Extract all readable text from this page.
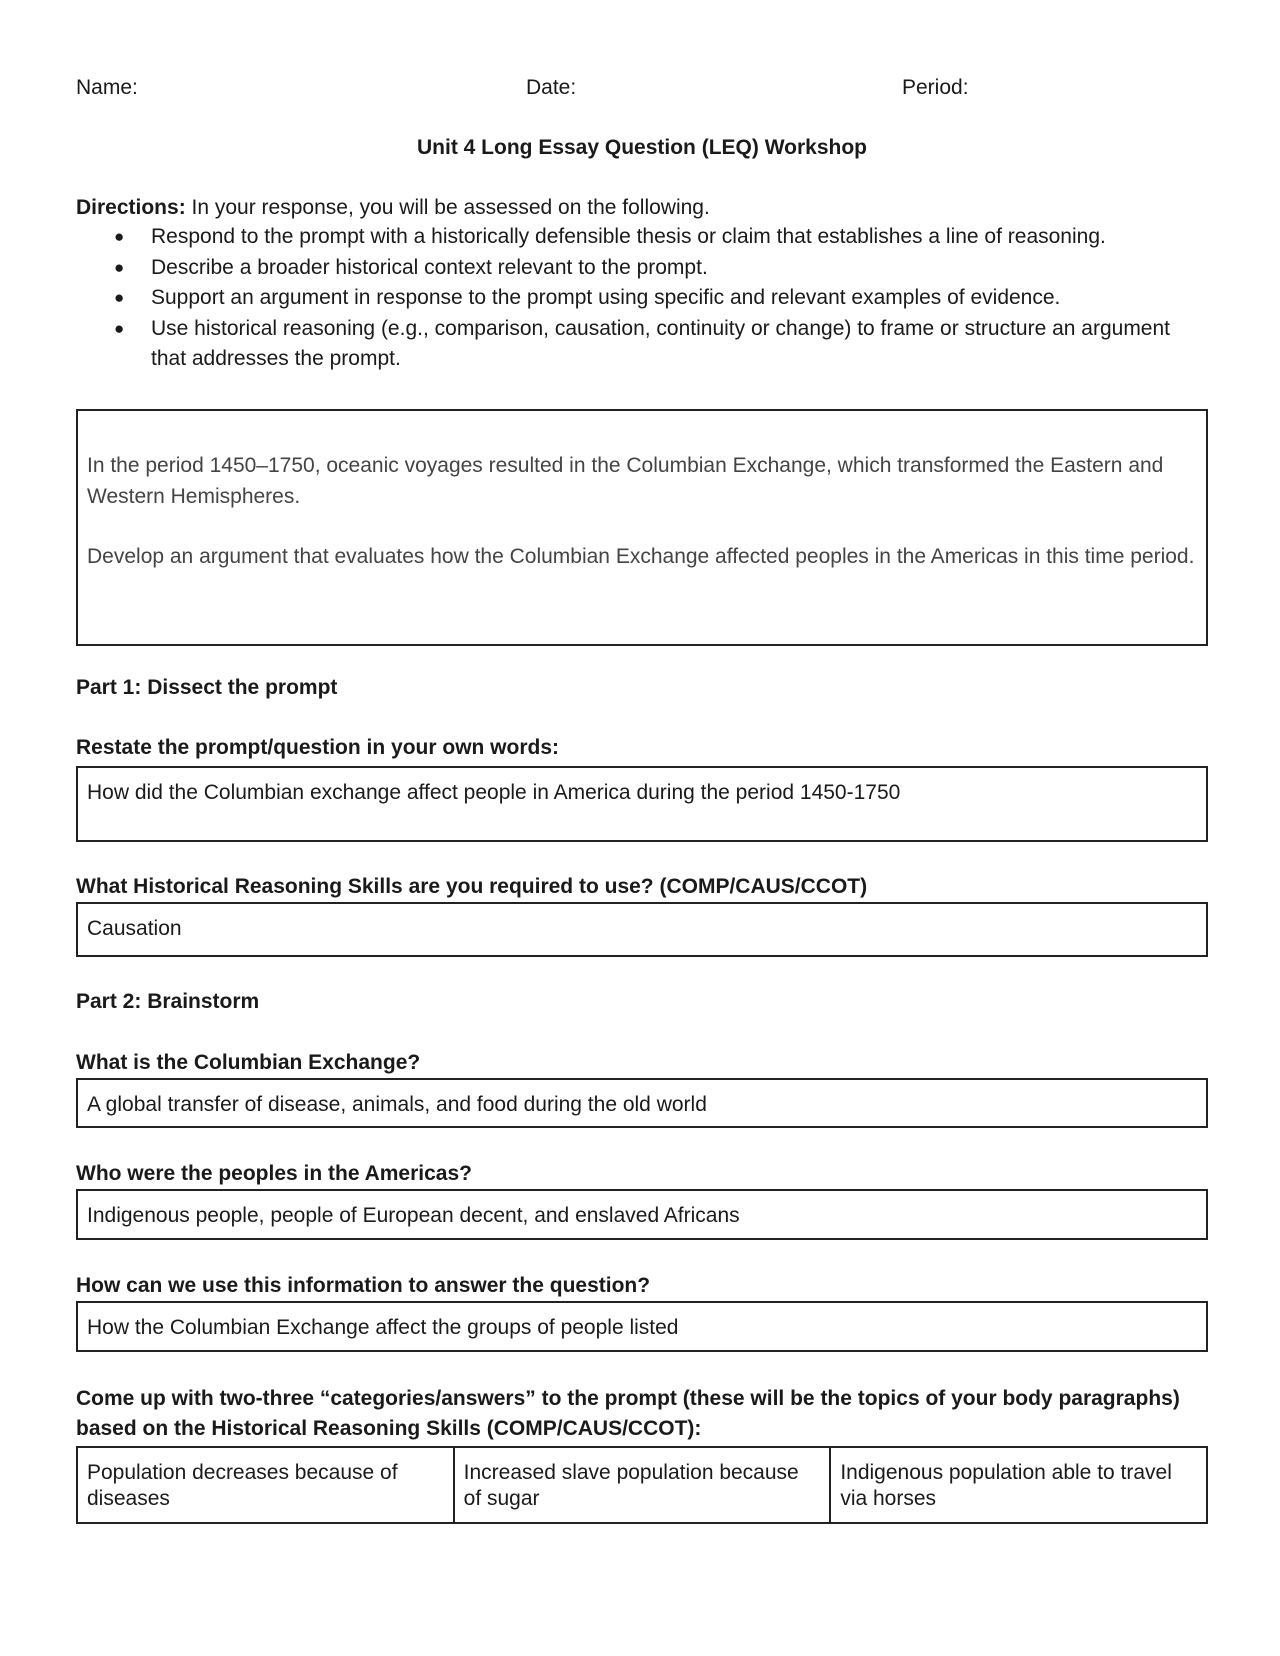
Name:	Date:	Period:
Unit 4 Long Essay Question (LEQ) Workshop
Directions: In your response, you will be assessed on the following.
● Respond to the prompt with a historically defensible thesis or claim that establishes a line of reasoning.
● Describe a broader historical context relevant to the prompt.
● Support an argument in response to the prompt using specific and relevant examples of evidence.
● Use historical reasoning (e.g., comparison, causation, continuity or change) to frame or structure an argument that addresses the prompt.

In the period 1450–1750, oceanic voyages resulted in the Columbian Exchange, which transformed the Eastern and Western Hemispheres.

Develop an argument that evaluates how the Columbian Exchange affected peoples in the Americas in this time period.

Part 1: Dissect the prompt
Restate the prompt/question in your own words:
How did the Columbian exchange affect people in America during the period 1450-1750
What Historical Reasoning Skills are you required to use? (COMP/CAUS/CCOT)
Causation
Part 2: Brainstorm
What is the Columbian Exchange?
A global transfer of disease, animals, and food during the old world
Who were the peoples in the Americas?
Indigenous people, people of European decent, and enslaved Africans
How can we use this information to answer the question?
How the Columbian Exchange affect the groups of people listed
Come up with two-three “categories/answers” to the prompt (these will be the topics of your body paragraphs) based on the Historical Reasoning Skills (COMP/CAUS/CCOT):
Population decreases because of diseases	Increased slave population because of sugar	Indigenous population able to travel via horses
